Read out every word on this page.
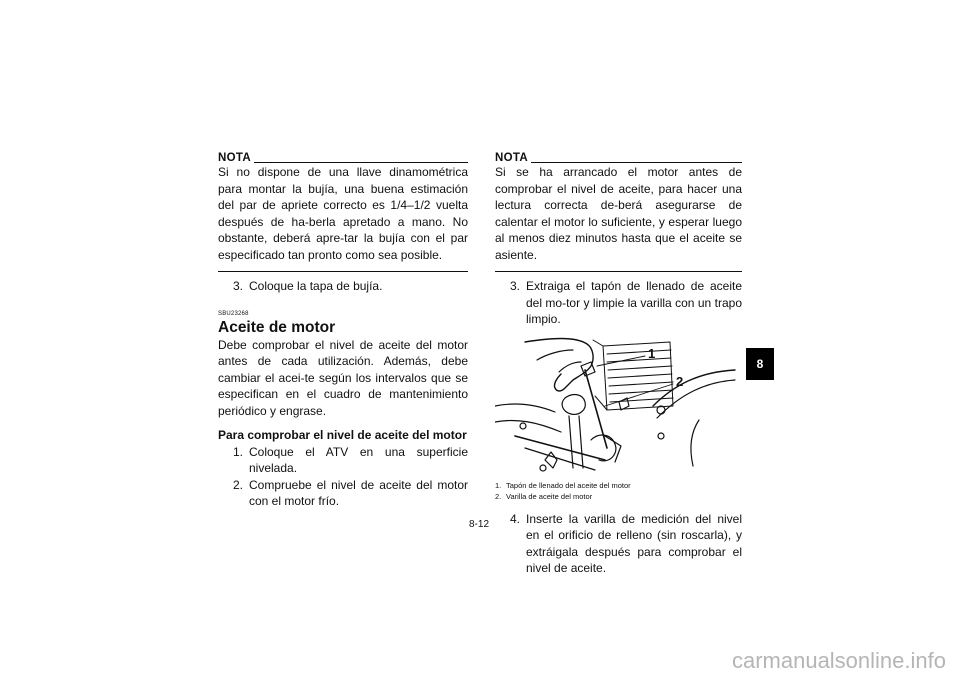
NOTA

Si no dispone de una llave dinamométrica para montar la bujía, una buena estimación del par de apriete correcto es 1/4–1/2 vuelta después de ha-berla apretado a mano. No obstante, deberá apre-tar la bujía con el par especificado tan pronto como sea posible.

3. Coloque la tapa de bujía.

SBU23268
Aceite de motor

Debe comprobar el nivel de aceite del motor antes de cada utilización. Además, debe cambiar el acei-te según los intervalos que se especifican en el cuadro de mantenimiento periódico y engrase.

Para comprobar el nivel de aceite del motor

1. Coloque el ATV en una superficie nivelada.

2. Compruebe el nivel de aceite del motor con el motor frío.

NOTA

Si se ha arrancado el motor antes de comprobar el nivel de aceite, para hacer una lectura correcta de-berá asegurarse de calentar el motor lo suficiente, y esperar luego al menos diez minutos hasta que el aceite se asiente.

3. Extraiga el tapón de llenado de aceite del mo-tor y limpie la varilla con un trapo limpio.

1
2
1. Tapón de llenado del aceite del motor
2. Varilla de aceite del motor
4. Inserte la varilla de medición del nivel en el orificio de relleno (sin roscarla), y extráigala después para comprobar el nivel de aceite.

8
8-12
carmanualsonline.info
